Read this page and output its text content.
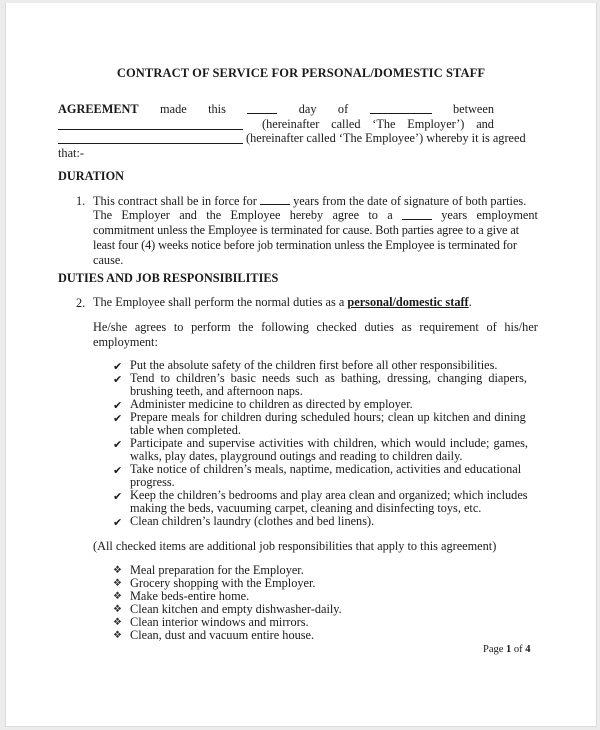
CONTRACT OF SERVICE FOR PERSONAL/DOMESTIC STAFF
AGREEMENT made this	day of	between
(hereinafter called ‘The Employer’) and
(hereinafter called ‘The Employee’) whereby it is agreed
that:-
DURATION
1. This contract shall be in force for	years from the date of signature of both parties.
The Employer and the Employee hereby agree to a	years employment
commitment unless the Employee is terminated for cause. Both parties agree to a give at
least four (4) weeks notice before job termination unless the Employee is terminated for
cause.
DUTIES AND JOB RESPONSIBILITIES
2. The Employee shall perform the normal duties as a personal/domestic staff.
He/she agrees to perform the following checked duties as requirement of his/her
employment:
✔ Put the absolute safety of the children first before all other responsibilities.
✔ Tend to children’s basic needs such as bathing, dressing, changing diapers,
brushing teeth, and afternoon naps.
✔ Administer medicine to children as directed by employer.
✔ Prepare meals for children during scheduled hours; clean up kitchen and dining
table when completed.
✔ Participate and supervise activities with children, which would include; games,
walks, play dates, playground outings and reading to children daily.
✔ Take notice of children’s meals, naptime, medication, activities and educational
progress.
✔ Keep the children’s bedrooms and play area clean and organized; which includes
making the beds, vacuuming carpet, cleaning and disinfecting toys, etc.
✔ Clean children’s laundry (clothes and bed linens).
(All checked items are additional job responsibilities that apply to this agreement)
❖ Meal preparation for the Employer.
❖ Grocery shopping with the Employer.
❖ Make beds-entire home.
❖ Clean kitchen and empty dishwasher-daily.
❖ Clean interior windows and mirrors.
❖ Clean, dust and vacuum entire house.
Page 1 of 4
